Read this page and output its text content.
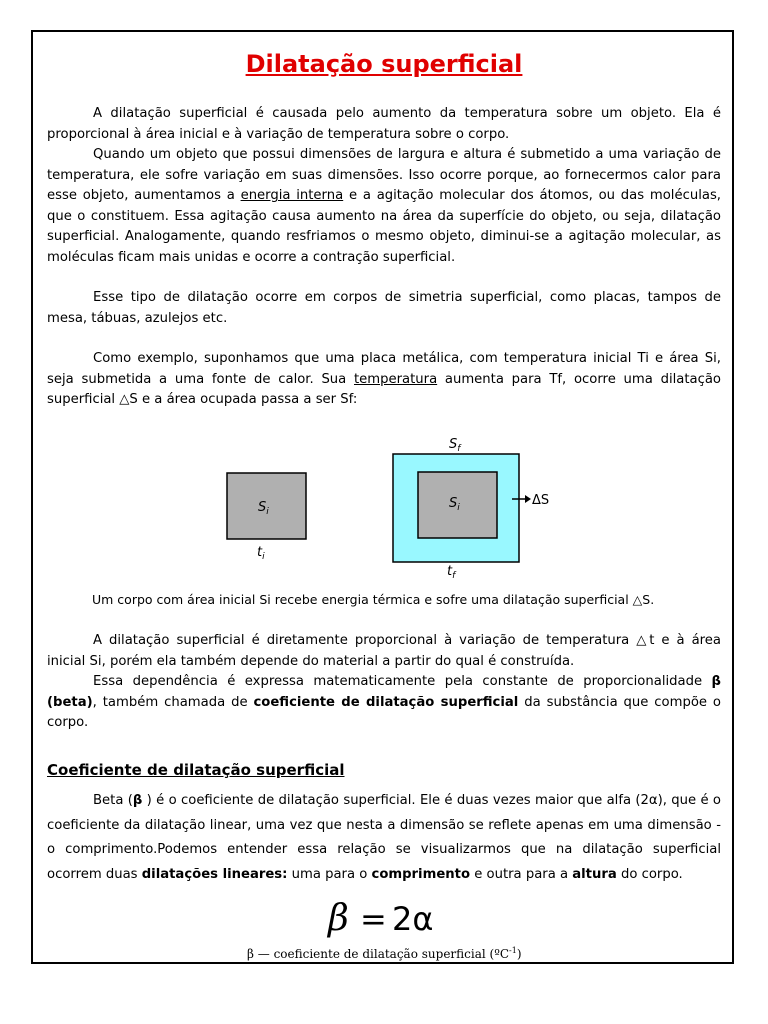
Dilatação superficial

A dilatação superficial é causada pelo aumento da temperatura sobre um objeto. Ela é proporcional à área inicial e à variação de temperatura sobre o corpo.

Quando um objeto que possui dimensões de largura e altura é submetido a uma variação de temperatura, ele sofre variação em suas dimensões. Isso ocorre porque, ao fornecermos calor para esse objeto, aumentamos a energia interna e a agitação molecular dos átomos, ou das moléculas, que o constituem. Essa agitação causa aumento na área da superfície do objeto, ou seja, dilatação superficial. Analogamente, quando resfriamos o mesmo objeto, diminui-se a agitação molecular, as moléculas ficam mais unidas e ocorre a contração superficial.

Esse tipo de dilatação ocorre em corpos de simetria superficial, como placas, tampos de mesa, tábuas, azulejos etc.

Como exemplo, suponhamos que uma placa metálica, com temperatura inicial Ti e área Si, seja submetida a uma fonte de calor. Sua temperatura aumenta para Tf, ocorre uma dilatação superficial △S e a área ocupada passa a ser Sf:

$S_i$
$t_i$
$S_f$
$S_i$
$t_f$
ΔS
Um corpo com área inicial Si recebe energia térmica e sofre uma dilatação superficial △S.

A dilatação superficial é diretamente proporcional à variação de temperatura △t e à área inicial Si, porém ela também depende do material a partir do qual é construída.

Essa dependência é expressa matematicamente pela constante de proporcionalidade β (beta), também chamada de coeficiente de dilatação superficial da substância que compõe o corpo.

Coeficiente de dilatação superficial

Beta (β ) é o coeficiente de dilatação superficial. Ele é duas vezes maior que alfa (2α), que é o coeficiente da dilatação linear, uma vez que nesta a dimensão se reflete apenas em uma dimensão - o comprimento.Podemos entender essa relação se visualizarmos que na dilatação superficial ocorrem duas dilatações lineares: uma para o comprimento e outra para a altura do corpo.

β = 2α
β — coeficiente de dilatação superficial (ºC$^{-1}$)
